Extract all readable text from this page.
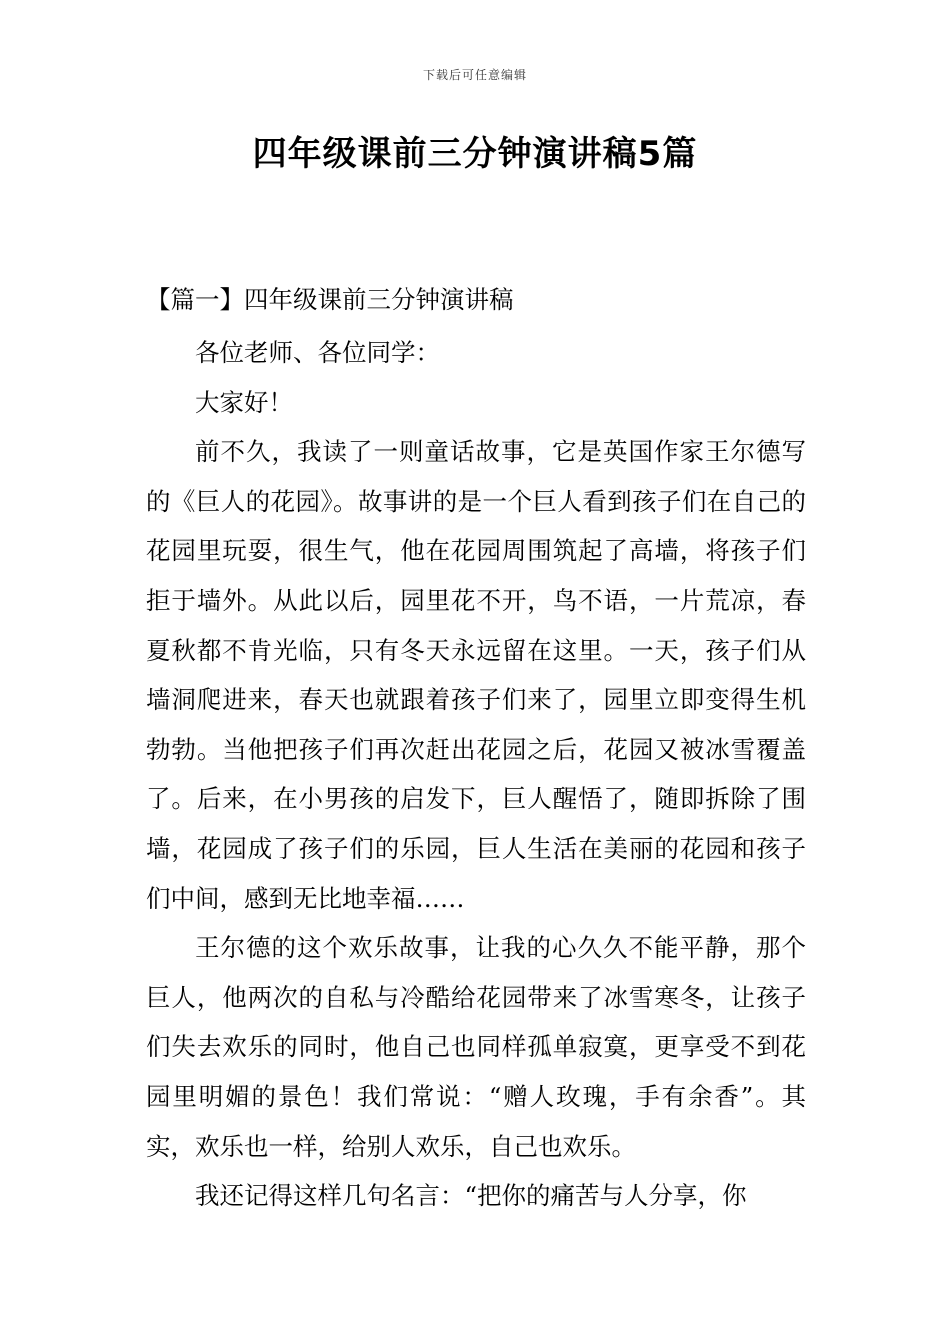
下载后可任意编辑
四年级课前三分钟演讲稿5篇
【篇一】四年级课前三分钟演讲稿

各位老师、各位同学：

大家好！

前不久，我读了一则童话故事，它是英国作家王尔德写的《巨人的花园》。故事讲的是一个巨人看到孩子们在自己的花园里玩耍，很生气，他在花园周围筑起了高墙，将孩子们拒于墙外。从此以后，园里花不开，鸟不语，一片荒凉，春夏秋都不肯光临，只有冬天永远留在这里。一天，孩子们从墙洞爬进来，春天也就跟着孩子们来了，园里立即变得生机勃勃。当他把孩子们再次赶出花园之后，花园又被冰雪覆盖了。后来，在小男孩的启发下，巨人醒悟了，随即拆除了围墙，花园成了孩子们的乐园，巨人生活在美丽的花园和孩子们中间，感到无比地幸福……

王尔德的这个欢乐故事，让我的心久久不能平静，那个巨人，他两次的自私与冷酷给花园带来了冰雪寒冬，让孩子们失去欢乐的同时，他自己也同样孤单寂寞，更享受不到花园里明媚的景色！我们常说：“赠人玫瑰，手有余香”。其实，欢乐也一样，给别人欢乐，自己也欢乐。

我还记得这样几句名言：“把你的痛苦与人分享，你
